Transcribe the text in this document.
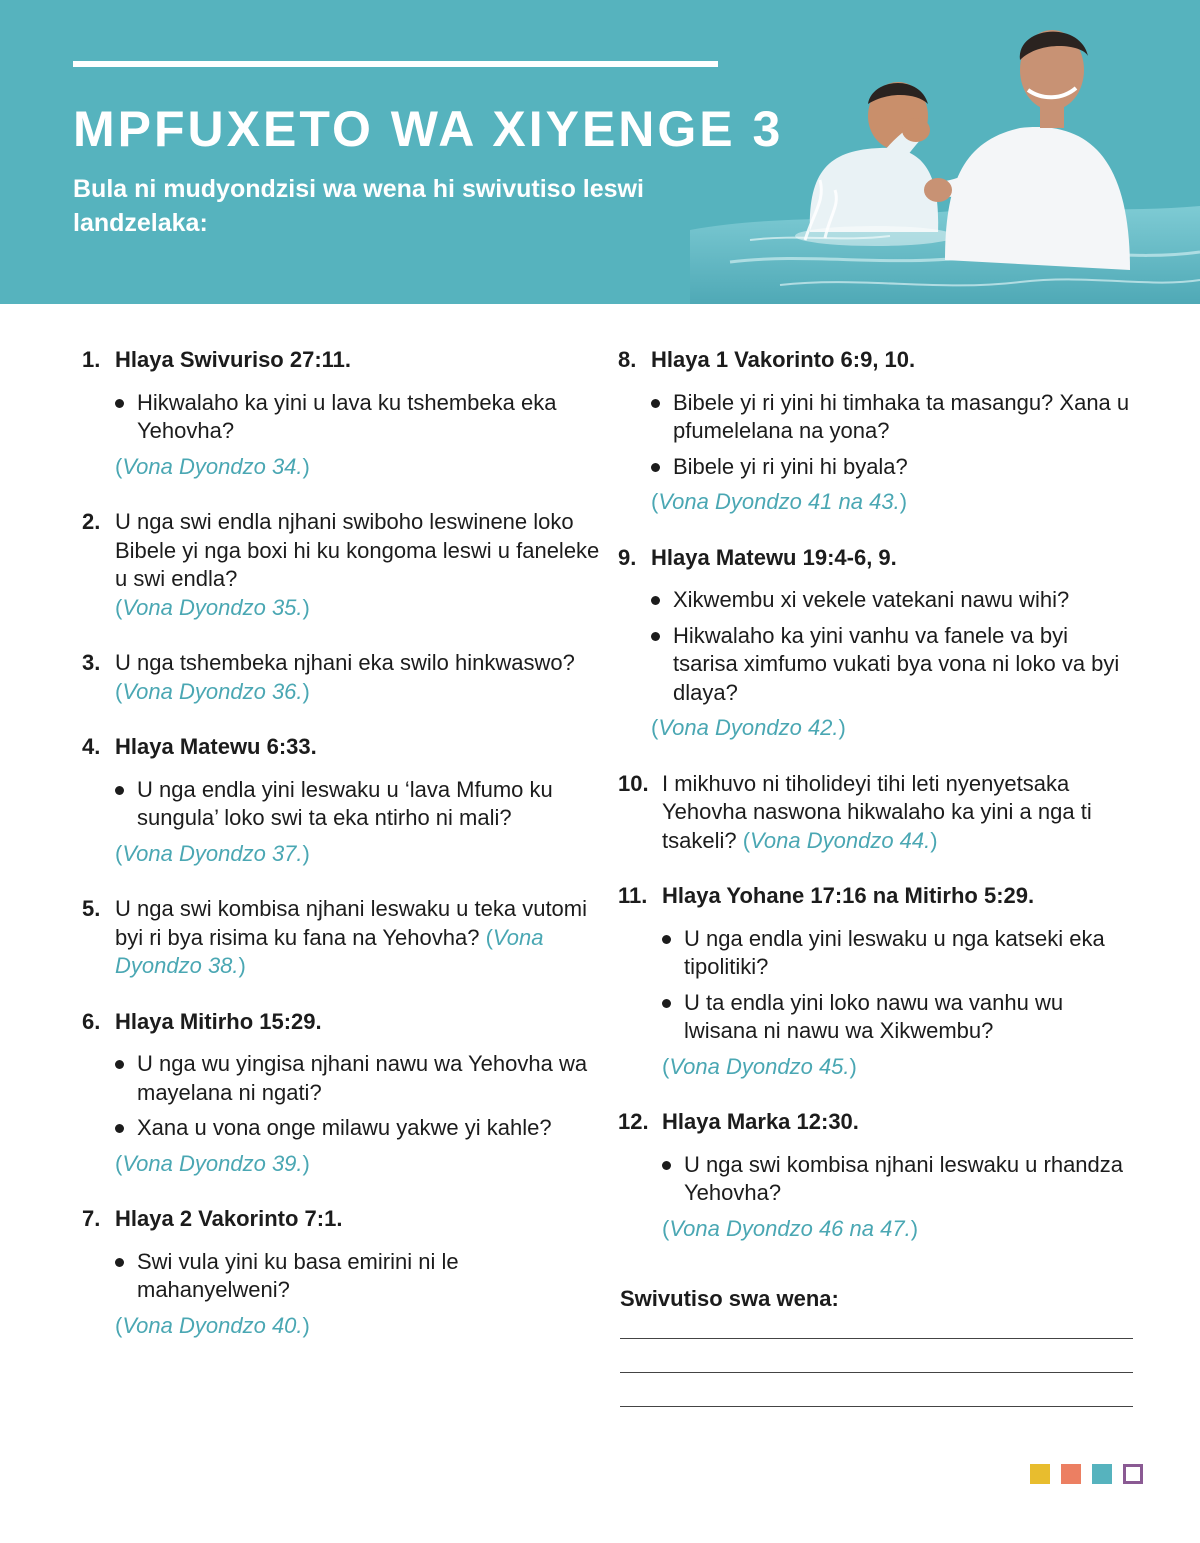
MPFUXETO WA XIYENGE 3

Bula ni mudyondzisi wa wena hi swivutiso leswi landzelaka:

1. Hlaya Swivuriso 27:11.
Hikwalaho ka yini u lava ku tshembeka eka Yehovha?
(Vona Dyondzo 34.)
2. U nga swi endla njhani swiboho leswinene loko Bibele yi nga boxi hi ku kongoma leswi u faneleke u swi endla?
(Vona Dyondzo 35.)
3. U nga tshembeka njhani eka swilo hinkwaswo? (Vona Dyondzo 36.)
4. Hlaya Matewu 6:33.
U nga endla yini leswaku u ‘lava Mfumo ku sungula’ loko swi ta eka ntirho ni mali?
(Vona Dyondzo 37.)
5. U nga swi kombisa njhani leswaku u teka vutomi byi ri bya risima ku fana na Yehovha? (Vona Dyondzo 38.)
6. Hlaya Mitirho 15:29.
U nga wu yingisa njhani nawu wa Yehovha wa mayelana ni ngati?
Xana u vona onge milawu yakwe yi kahle?
(Vona Dyondzo 39.)
7. Hlaya 2 Vakorinto 7:1.
Swi vula yini ku basa emirini ni le mahanyelweni?
(Vona Dyondzo 40.)
8. Hlaya 1 Vakorinto 6:9, 10.
Bibele yi ri yini hi timhaka ta masangu? Xana u pfumelelana na yona?
Bibele yi ri yini hi byala?
(Vona Dyondzo 41 na 43.)
9. Hlaya Matewu 19:4-6, 9.
Xikwembu xi vekele vatekani nawu wihi?
Hikwalaho ka yini vanhu va fanele va byi tsarisa ximfumo vukati bya vona ni loko va byi dlaya?
(Vona Dyondzo 42.)
10. I mikhuvo ni tiholideyi tihi leti nyenyetsaka Yehovha naswona hikwalaho ka yini a nga ti tsakeli? (Vona Dyondzo 44.)
11. Hlaya Yohane 17:16 na Mitirho 5:29.
U nga endla yini leswaku u nga katseki eka tipolitiki?
U ta endla yini loko nawu wa vanhu wu lwisana ni nawu wa Xikwembu?
(Vona Dyondzo 45.)
12. Hlaya Marka 12:30.
U nga swi kombisa njhani leswaku u rhandza Yehovha?
(Vona Dyondzo 46 na 47.)
Swivutiso swa wena:
